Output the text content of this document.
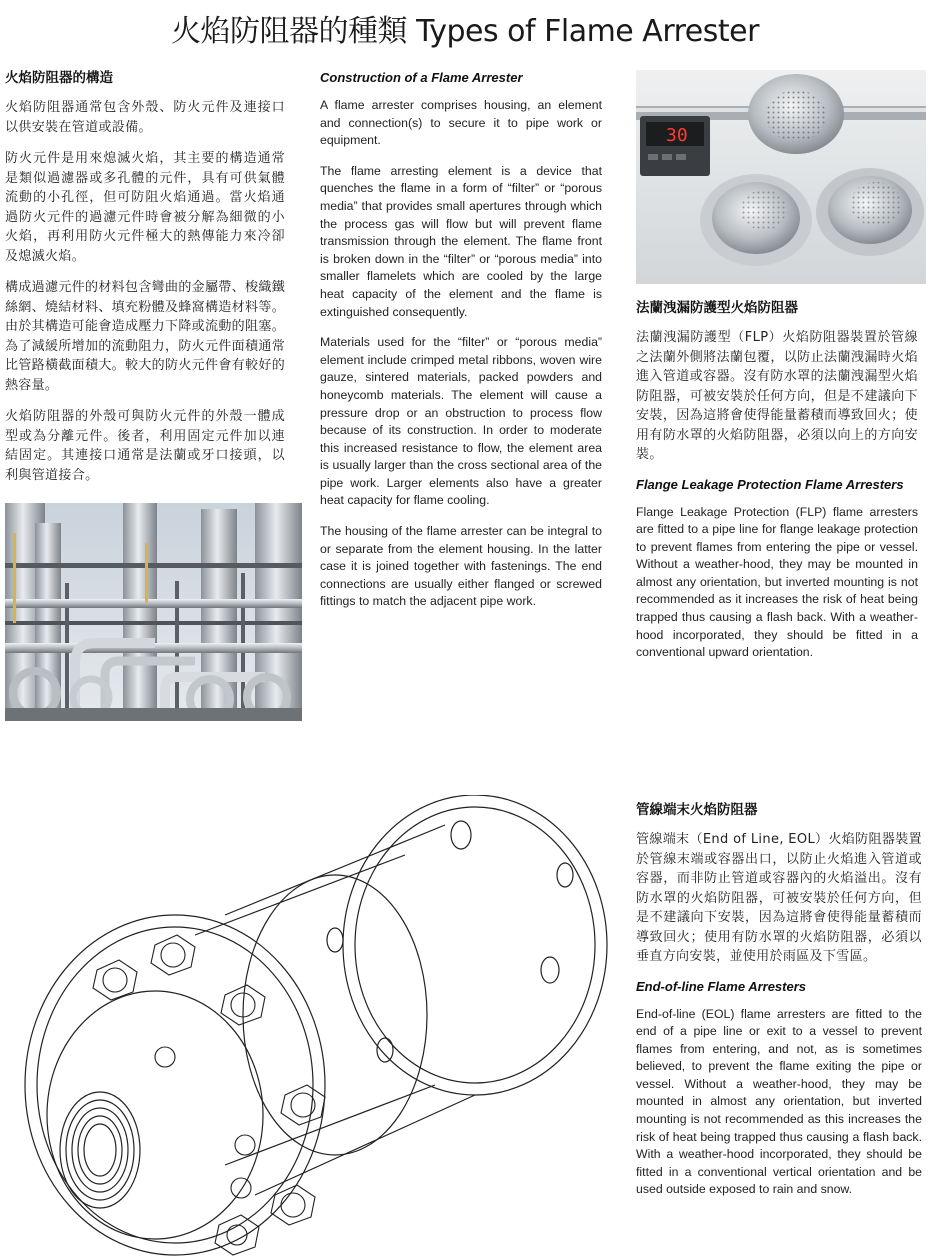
火焰防阻器的種類 Types of Flame Arrester
火焰防阻器的構造

火焰防阻器通常包含外殼、防火元件及連接口以供安裝在管道或設備。

防火元件是用來熄滅火焰，其主要的構造通常是類似過濾器或多孔體的元件，具有可供氣體流動的小孔徑，但可防阻火焰通過。當火焰通過防火元件的過濾元件時會被分解為細微的小火焰，再利用防火元件極大的熱傳能力來冷卻及熄滅火焰。

構成過濾元件的材料包含彎曲的金屬帶、梭織鐵絲網、燒結材料、填充粉體及蜂窩構造材料等。由於其構造可能會造成壓力下降或流動的阻塞。為了減緩所增加的流動阻力，防火元件面積通常比管路橫截面積大。較大的防火元件會有較好的熱容量。

火焰防阻器的外殼可與防火元件的外殼一體成型或為分離元件。後者，利用固定元件加以連結固定。其連接口通常是法蘭或牙口接頭，以利與管道接合。

Construction of a Flame Arrester

A flame arrester comprises housing, an element and connection(s) to secure it to pipe work or equipment.

The flame arresting element is a device that quenches the flame in a form of “filter” or “porous media” that provides small apertures through which the process gas will flow but will prevent flame transmission through the element. The flame front is broken down in the “filter” or “porous media” into smaller flamelets which are cooled by the large heat capacity of the element and the flame is extinguished consequently.

Materials used for the “filter” or “porous media” element include crimped metal ribbons, woven wire gauze, sintered materials, packed powders and honeycomb materials. The element will cause a pressure drop or an obstruction to process flow because of its construction. In order to moderate this increased resistance to flow, the element area is usually larger than the cross sectional area of the pipe work. Larger elements also have a greater heat capacity for flame cooling.

The housing of the flame arrester can be integral to or separate from the element housing. In the latter case it is joined together with fastenings. The end connections are usually either flanged or screwed fittings to match the adjacent pipe work.

30
法蘭洩漏防護型火焰防阻器

法蘭洩漏防護型（FLP）火焰防阻器裝置於管線之法蘭外側將法蘭包覆，以防止法蘭洩漏時火焰進入管道或容器。沒有防水罩的法蘭洩漏型火焰防阻器，可被安裝於任何方向，但是不建議向下安裝，因為這將會使得能量蓄積而導致回火；使用有防水罩的火焰防阻器，必須以向上的方向安裝。

Flange Leakage Protection Flame Arresters

Flange Leakage Protection (FLP) flame arresters are fitted to a pipe line for flange leakage protection to prevent flames from entering the pipe or vessel. Without a weather-hood, they may be mounted in almost any orientation, but inverted mounting is not recommended as it increases the risk of heat being trapped thus causing a flash back. With a weather-hood incorporated, they should be fitted in a conventional upward orientation.

管線端末火焰防阻器

管線端末（End of Line, EOL）火焰防阻器裝置於管線末端或容器出口，以防止火焰進入管道或容器，而非防止管道或容器內的火焰溢出。沒有防水罩的火焰防阻器，可被安裝於任何方向，但是不建議向下安裝，因為這將會使得能量蓄積而導致回火；使用有防水罩的火焰防阻器，必須以垂直方向安裝，並使用於雨區及下雪區。

End-of-line Flame Arresters

End-of-line (EOL) flame arresters are fitted to the end of a pipe line or exit to a vessel to prevent flames from entering, and not, as is sometimes believed, to prevent the flame exiting the pipe or vessel. Without a weather-hood, they may be mounted in almost any orientation, but inverted mounting is not recommended as this increases the risk of heat being trapped thus causing a flash back. With a weather-hood incorporated, they should be fitted in a conventional vertical orientation and be used outside exposed to rain and snow.
